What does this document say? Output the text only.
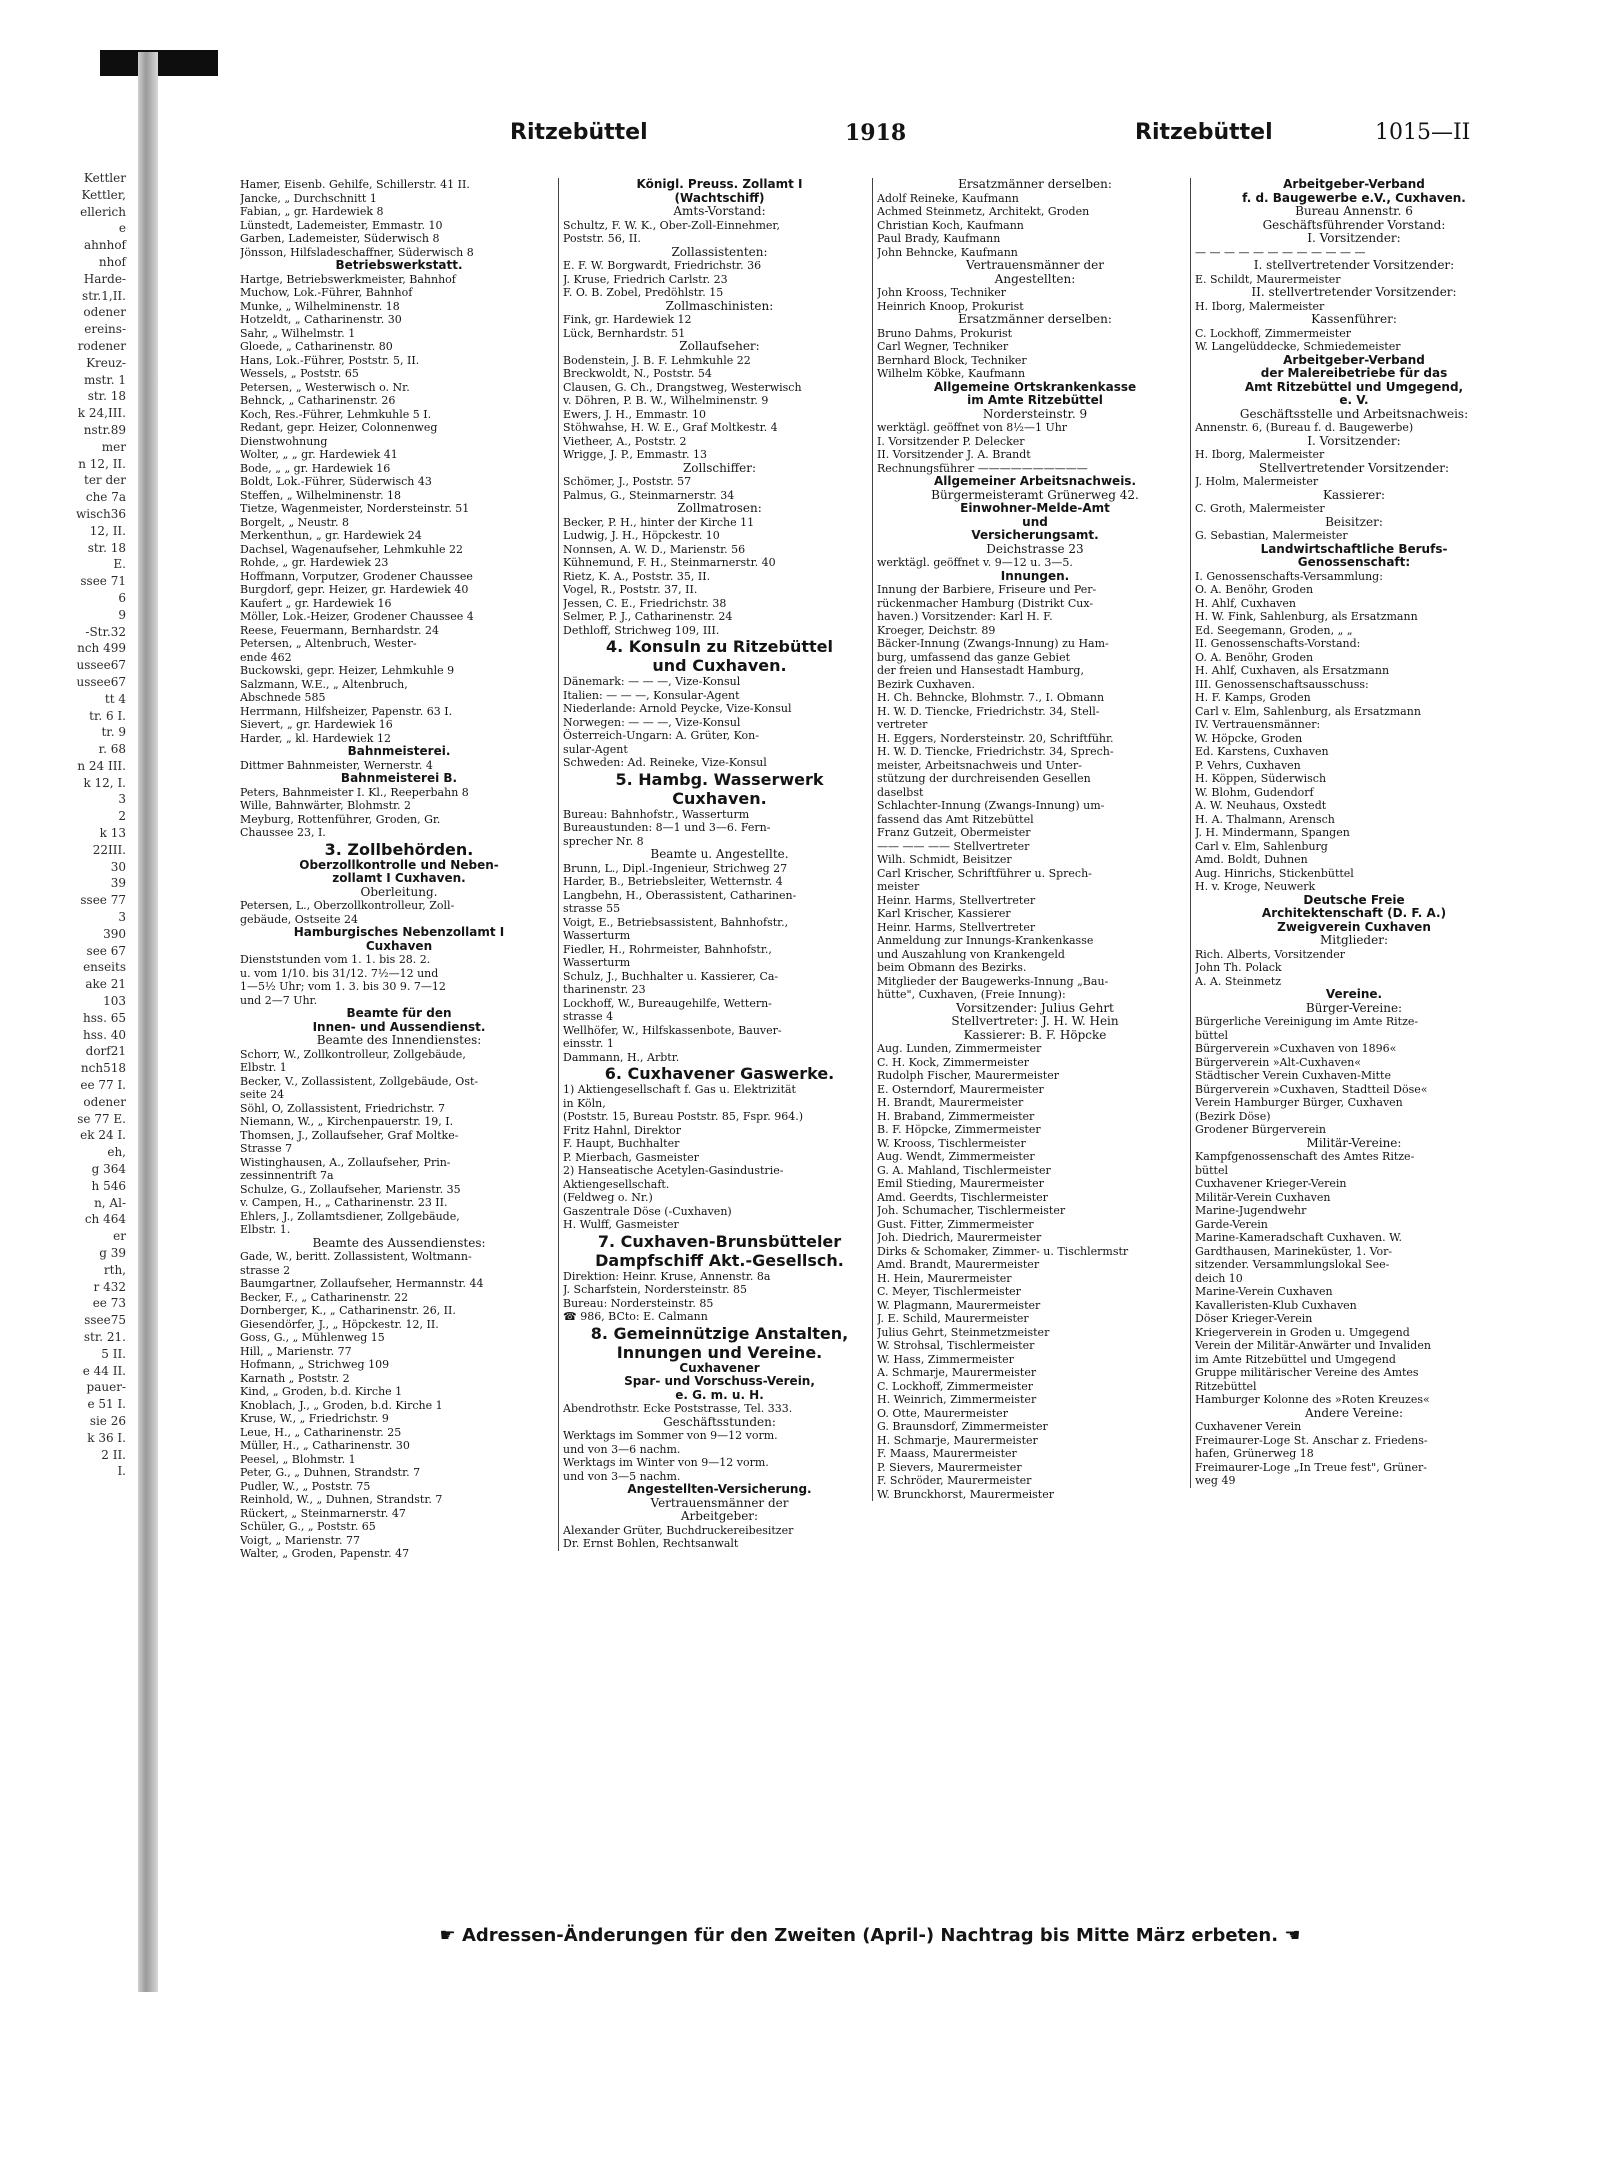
Kettler
Kettler,
ellerich
e
ahnhof
nhof
Harde-
str.1,II.
odener
ereins-
rodener
Kreuz-
mstr. 1
str. 18
k 24,III.
nstr.89
mer
n 12, II.
ter der
che 7a
wisch36
12, II.
str. 18
E.
ssee 71
6
9
-Str.32
nch 499
ussee67
ussee67
tt 4
tr. 6 I.
tr. 9
r. 68
n 24 III.
k 12, I.
3
2
k 13
22III.
30
39
ssee 77
3
390
see 67
enseits
ake 21
103
hss. 65
hss. 40
dorf21
nch518
ee 77 I.
odener
se 77 E.
ek 24 I.
eh,
g 364
h 546
n, Al-
ch 464
er
g 39
rth,
r 432
ee 73
ssee75
str. 21.
5 II.
e 44 II.
pauer-
e 51 I.
sie 26
k 36 I.
2 II.
I.
Ritzebüttel	1918	Ritzebüttel	1015—II
Hamer, Eisenb. Gehilfe, Schillerstr. 41 II.
Jancke, „ Durchschnitt 1
Fabian, „ gr. Hardewiek 8
Lünstedt, Lademeister, Emmastr. 10
Garben, Lademeister, Süderwisch 8
Jönsson, Hilfsladeschaffner, Süderwisch 8
Betriebswerkstatt.
Hartge, Betriebswerkmeister, Bahnhof
Muchow, Lok.-Führer, Bahnhof
Munke, „ Wilhelminenstr. 18
Hotzeldt, „ Catharinenstr. 30
Sahr, „ Wilhelmstr. 1
Gloede, „ Catharinenstr. 80
Hans, Lok.-Führer, Poststr. 5, II.
Wessels, „ Poststr. 65
Petersen, „ Westerwisch o. Nr.
Behnck, „ Catharinenstr. 26
Koch, Res.-Führer, Lehmkuhle 5 I.
Redant, gepr. Heizer, Colonnenweg
Dienstwohnung
Wolter, „ „ gr. Hardewiek 41
Bode, „ „ gr. Hardewiek 16
Boldt, Lok.-Führer, Süderwisch 43
Steffen, „ Wilhelminenstr. 18
Tietze, Wagenmeister, Nordersteinstr. 51
Borgelt, „ Neustr. 8
Merkenthun, „ gr. Hardewiek 24
Dachsel, Wagenaufseher, Lehmkuhle 22
Rohde, „ gr. Hardewiek 23
Hoffmann, Vorputzer, Grodener Chaussee
Burgdorf, gepr. Heizer, gr. Hardewiek 40
Kaufert „ gr. Hardewiek 16
Möller, Lok.-Heizer, Grodener Chaussee 4
Reese, Feuermann, Bernhardstr. 24
Petersen, „ Altenbruch, Wester-
ende 462
Buckowski, gepr. Heizer, Lehmkuhle 9
Salzmann, W.E., „ Altenbruch,
Abschnede 585
Herrmann, Hilfsheizer, Papenstr. 63 I.
Sievert, „ gr. Hardewiek 16
Harder, „ kl. Hardewiek 12
Bahnmeisterei.
Dittmer Bahnmeister, Wernerstr. 4
Bahnmeisterei B.
Peters, Bahnmeister I. Kl., Reeperbahn 8
Wille, Bahnwärter, Blohmstr. 2
Meyburg, Rottenführer, Groden, Gr.
Chaussee 23, I.
3. Zollbehörden.
Oberzollkontrolle und Neben-
zollamt I Cuxhaven.
Oberleitung.
Petersen, L., Oberzollkontrolleur, Zoll-
gebäude, Ostseite 24
Hamburgisches Nebenzollamt I
Cuxhaven
Dienststunden vom 1. 1. bis 28. 2.
u. vom 1/10. bis 31/12. 7½—12 und
1—5½ Uhr; vom 1. 3. bis 30 9. 7—12
und 2—7 Uhr.
Beamte für den
Innen- und Aussendienst.
Beamte des Innendienstes:
Schorr, W., Zollkontrolleur, Zollgebäude,
Elbstr. 1
Becker, V., Zollassistent, Zollgebäude, Ost-
seite 24
Söhl, O, Zollassistent, Friedrichstr. 7
Niemann, W., „ Kirchenpauerstr. 19, I.
Thomsen, J., Zollaufseher, Graf Moltke-
Strasse 7
Wistinghausen, A., Zollaufseher, Prin-
zessinnentrift 7a
Schulze, G., Zollaufseher, Marienstr. 35
v. Campen, H., „ Catharinenstr. 23 II.
Ehlers, J., Zollamtsdiener, Zollgebäude,
Elbstr. 1.
Beamte des Aussendienstes:
Gade, W., beritt. Zollassistent, Woltmann-
strasse 2
Baumgartner, Zollaufseher, Hermannstr. 44
Becker, F., „ Catharinenstr. 22
Dornberger, K., „ Catharinenstr. 26, II.
Giesendörfer, J., „ Höpckestr. 12, II.
Goss, G., „ Mühlenweg 15
Hill, „ Marienstr. 77
Hofmann, „ Strichweg 109
Karnath „ Poststr. 2
Kind, „ Groden, b.d. Kirche 1
Knoblach, J., „ Groden, b.d. Kirche 1
Kruse, W., „ Friedrichstr. 9
Leue, H., „ Catharinenstr. 25
Müller, H., „ Catharinenstr. 30
Peesel, „ Blohmstr. 1
Peter, G., „ Duhnen, Strandstr. 7
Pudler, W., „ Poststr. 75
Reinhold, W., „ Duhnen, Strandstr. 7
Rückert, „ Steinmarnerstr. 47
Schüler, G., „ Poststr. 65
Voigt, „ Marienstr. 77
Walter, „ Groden, Papenstr. 47
Königl. Preuss. Zollamt I
(Wachtschiff)
Amts-Vorstand:
Schultz, F. W. K., Ober-Zoll-Einnehmer,
Poststr. 56, II.
Zollassistenten:
E. F. W. Borgwardt, Friedrichstr. 36
J. Kruse, Friedrich Carlstr. 23
F. O. B. Zobel, Predöhlstr. 15
Zollmaschinisten:
Fink, gr. Hardewiek 12
Lück, Bernhardstr. 51
Zollaufseher:
Bodenstein, J. B. F. Lehmkuhle 22
Breckwoldt, N., Poststr. 54
Clausen, G. Ch., Drangstweg, Westerwisch
v. Döhren, P. B. W., Wilhelminenstr. 9
Ewers, J. H., Emmastr. 10
Stöhwahse, H. W. E., Graf Moltkestr. 4
Vietheer, A., Poststr. 2
Wrigge, J. P., Emmastr. 13
Zollschiffer:
Schömer, J., Poststr. 57
Palmus, G., Steinmarnerstr. 34
Zollmatrosen:
Becker, P. H., hinter der Kirche 11
Ludwig, J. H., Höpckestr. 10
Nonnsen, A. W. D., Marienstr. 56
Kühnemund, F. H., Steinmarnerstr. 40
Rietz, K. A., Poststr. 35, II.
Vogel, R., Poststr. 37, II.
Jessen, C. E., Friedrichstr. 38
Selmer, P. J., Catharinenstr. 24
Dethloff, Strichweg 109, III.
4. Konsuln zu Ritzebüttel
und Cuxhaven.
Dänemark: — — —, Vize-Konsul
Italien: — — —, Konsular-Agent
Niederlande: Arnold Peycke, Vize-Konsul
Norwegen: — — —, Vize-Konsul
Österreich-Ungarn: A. Grüter, Kon-
sular-Agent
Schweden: Ad. Reineke, Vize-Konsul
5. Hambg. Wasserwerk
Cuxhaven.
Bureau: Bahnhofstr., Wasserturm
Bureaustunden: 8—1 und 3—6. Fern-
sprecher Nr. 8
Beamte u. Angestellte.
Brunn, L., Dipl.-Ingenieur, Strichweg 27
Harder, B., Betriebsleiter, Wetternstr. 4
Langbehn, H., Oberassistent, Catharinen-
strasse 55
Voigt, E., Betriebsassistent, Bahnhofstr.,
Wasserturm
Fiedler, H., Rohrmeister, Bahnhofstr.,
Wasserturm
Schulz, J., Buchhalter u. Kassierer, Ca-
tharinenstr. 23
Lockhoff, W., Bureaugehilfe, Wettern-
strasse 4
Wellhöfer, W., Hilfskassenbote, Bauver-
einsstr. 1
Dammann, H., Arbtr.
6. Cuxhavener Gaswerke.
1) Aktiengesellschaft f. Gas u. Elektrizität
in Köln,
(Poststr. 15, Bureau Poststr. 85, Fspr. 964.)
Fritz Hahnl, Direktor
F. Haupt, Buchhalter
P. Mierbach, Gasmeister
2) Hanseatische Acetylen-Gasindustrie-
Aktiengesellschaft.
(Feldweg o. Nr.)
Gaszentrale Döse (-Cuxhaven)
H. Wulff, Gasmeister
7. Cuxhaven-Brunsbütteler
Dampfschiff Akt.-Gesellsch.
Direktion: Heinr. Kruse, Annenstr. 8a
J. Scharfstein, Nordersteinstr. 85
Bureau: Nordersteinstr. 85
☎ 986, BCto: E. Calmann
8. Gemeinnützige Anstalten,
Innungen und Vereine.
Cuxhavener
Spar- und Vorschuss-Verein,
e. G. m. u. H.
Abendrothstr. Ecke Poststrasse, Tel. 333.
Geschäftsstunden:
Werktags im Sommer von 9—12 vorm.
und von 3—6 nachm.
Werktags im Winter von 9—12 vorm.
und von 3—5 nachm.
Angestellten-Versicherung.
Vertrauensmänner der
Arbeitgeber:
Alexander Grüter, Buchdruckereibesitzer
Dr. Ernst Bohlen, Rechtsanwalt
Ersatzmänner derselben:
Adolf Reineke, Kaufmann
Achmed Steinmetz, Architekt, Groden
Christian Koch, Kaufmann
Paul Brady, Kaufmann
John Behncke, Kaufmann
Vertrauensmänner der
Angestellten:
John Krooss, Techniker
Heinrich Knoop, Prokurist
Ersatzmänner derselben:
Bruno Dahms, Prokurist
Carl Wegner, Techniker
Bernhard Block, Techniker
Wilhelm Köbke, Kaufmann
Allgemeine Ortskrankenkasse
im Amte Ritzebüttel
Nordersteinstr. 9
werktägl. geöffnet von 8½—1 Uhr
I. Vorsitzender P. Delecker
II. Vorsitzender J. A. Brandt
Rechnungsführer ——————————
Allgemeiner Arbeitsnachweis.
Bürgermeisteramt Grünerweg 42.
Einwohner-Melde-Amt
und
Versicherungsamt.
Deichstrasse 23
werktägl. geöffnet v. 9—12 u. 3—5.
Innungen.
Innung der Barbiere, Friseure und Per-
rückenmacher Hamburg (Distrikt Cux-
haven.) Vorsitzender: Karl H. F.
Kroeger, Deichstr. 89
Bäcker-Innung (Zwangs-Innung) zu Ham-
burg, umfassend das ganze Gebiet
der freien und Hansestadt Hamburg,
Bezirk Cuxhaven.
H. Ch. Behncke, Blohmstr. 7., I. Obmann
H. W. D. Tiencke, Friedrichstr. 34, Stell-
vertreter
H. Eggers, Nordersteinstr. 20, Schriftführ.
H. W. D. Tiencke, Friedrichstr. 34, Sprech-
meister, Arbeitsnachweis und Unter-
stützung der durchreisenden Gesellen
daselbst
Schlachter-Innung (Zwangs-Innung) um-
fassend das Amt Ritzebüttel
Franz Gutzeit, Obermeister
—— —— —— Stellvertreter
Wilh. Schmidt, Beisitzer
Carl Krischer, Schriftführer u. Sprech-
meister
Heinr. Harms, Stellvertreter
Karl Krischer, Kassierer
Heinr. Harms, Stellvertreter
Anmeldung zur Innungs-Krankenkasse
und Auszahlung von Krankengeld
beim Obmann des Bezirks.
Mitglieder der Baugewerks-Innung „Bau-
hütte", Cuxhaven, (Freie Innung):
Vorsitzender: Julius Gehrt
Stellvertreter: J. H. W. Hein
Kassierer: B. F. Höpcke
Aug. Lunden, Zimmermeister
C. H. Kock, Zimmermeister
Rudolph Fischer, Maurermeister
E. Osterndorf, Maurermeister
H. Brandt, Maurermeister
H. Braband, Zimmermeister
B. F. Höpcke, Zimmermeister
W. Krooss, Tischlermeister
Aug. Wendt, Zimmermeister
G. A. Mahland, Tischlermeister
Emil Stieding, Maurermeister
Amd. Geerdts, Tischlermeister
Joh. Schumacher, Tischlermeister
Gust. Fitter, Zimmermeister
Joh. Diedrich, Maurermeister
Dirks & Schomaker, Zimmer- u. Tischlermstr
Amd. Brandt, Maurermeister
H. Hein, Maurermeister
C. Meyer, Tischlermeister
W. Plagmann, Maurermeister
J. E. Schild, Maurermeister
Julius Gehrt, Steinmetzmeister
W. Strohsal, Tischlermeister
W. Hass, Zimmermeister
A. Schmarje, Maurermeister
C. Lockhoff, Zimmermeister
H. Weinrich, Zimmermeister
O. Otte, Maurermeister
G. Braunsdorf, Zimmermeister
H. Schmarje, Maurermeister
F. Maass, Maurermeister
P. Sievers, Maurermeister
F. Schröder, Maurermeister
W. Brunckhorst, Maurermeister
Arbeitgeber-Verband
f. d. Baugewerbe e.V., Cuxhaven.
Bureau Annenstr. 6
Geschäftsführender Vorstand:
I. Vorsitzender:
— — — — — — — — — — — —
I. stellvertretender Vorsitzender:
E. Schildt, Maurermeister
II. stellvertretender Vorsitzender:
H. Iborg, Malermeister
Kassenführer:
C. Lockhoff, Zimmermeister
W. Langelüddecke, Schmiedemeister
Arbeitgeber-Verband
der Malereibetriebe für das
Amt Ritzebüttel und Umgegend,
e. V.
Geschäftsstelle und Arbeitsnachweis:
Annenstr. 6, (Bureau f. d. Baugewerbe)
I. Vorsitzender:
H. Iborg, Malermeister
Stellvertretender Vorsitzender:
J. Holm, Malermeister
Kassierer:
C. Groth, Malermeister
Beisitzer:
G. Sebastian, Malermeister
Landwirtschaftliche Berufs-
Genossenschaft:
I. Genossenschafts-Versammlung:
O. A. Benöhr, Groden
H. Ahlf, Cuxhaven
H. W. Fink, Sahlenburg, als Ersatzmann
Ed. Seegemann, Groden, „ „
II. Genossenschafts-Vorstand:
O. A. Benöhr, Groden
H. Ahlf, Cuxhaven, als Ersatzmann
III. Genossenschaftsausschuss:
H. F. Kamps, Groden
Carl v. Elm, Sahlenburg, als Ersatzmann
IV. Vertrauensmänner:
W. Höpcke, Groden
Ed. Karstens, Cuxhaven
P. Vehrs, Cuxhaven
H. Köppen, Süderwisch
W. Blohm, Gudendorf
A. W. Neuhaus, Oxstedt
H. A. Thalmann, Arensch
J. H. Mindermann, Spangen
Carl v. Elm, Sahlenburg
Amd. Boldt, Duhnen
Aug. Hinrichs, Stickenbüttel
H. v. Kroge, Neuwerk
Deutsche Freie
Architektenschaft (D. F. A.)
Zweigverein Cuxhaven
Mitglieder:
Rich. Alberts, Vorsitzender
John Th. Polack
A. A. Steinmetz
Vereine.
Bürger-Vereine:
Bürgerliche Vereinigung im Amte Ritze-
büttel
Bürgerverein »Cuxhaven von 1896«
Bürgerverein »Alt-Cuxhaven«
Städtischer Verein Cuxhaven-Mitte
Bürgerverein »Cuxhaven, Stadtteil Döse«
Verein Hamburger Bürger, Cuxhaven
(Bezirk Döse)
Grodener Bürgerverein
Militär-Vereine:
Kampfgenossenschaft des Amtes Ritze-
büttel
Cuxhavener Krieger-Verein
Militär-Verein Cuxhaven
Marine-Jugendwehr
Garde-Verein
Marine-Kameradschaft Cuxhaven. W.
Gardthausen, Marineküster, 1. Vor-
sitzender. Versammlungslokal See-
deich 10
Marine-Verein Cuxhaven
Kavalleristen-Klub Cuxhaven
Döser Krieger-Verein
Kriegerverein in Groden u. Umgegend
Verein der Militär-Anwärter und Invaliden
im Amte Ritzebüttel und Umgegend
Gruppe militärischer Vereine des Amtes
Ritzebüttel
Hamburger Kolonne des »Roten Kreuzes«
Andere Vereine:
Cuxhavener Verein
Freimaurer-Loge St. Anschar z. Friedens-
hafen, Grünerweg 18
Freimaurer-Loge „In Treue fest", Grüner-
weg 49
☛ Adressen-Änderungen für den Zweiten (April-) Nachtrag bis Mitte März erbeten. ☚
